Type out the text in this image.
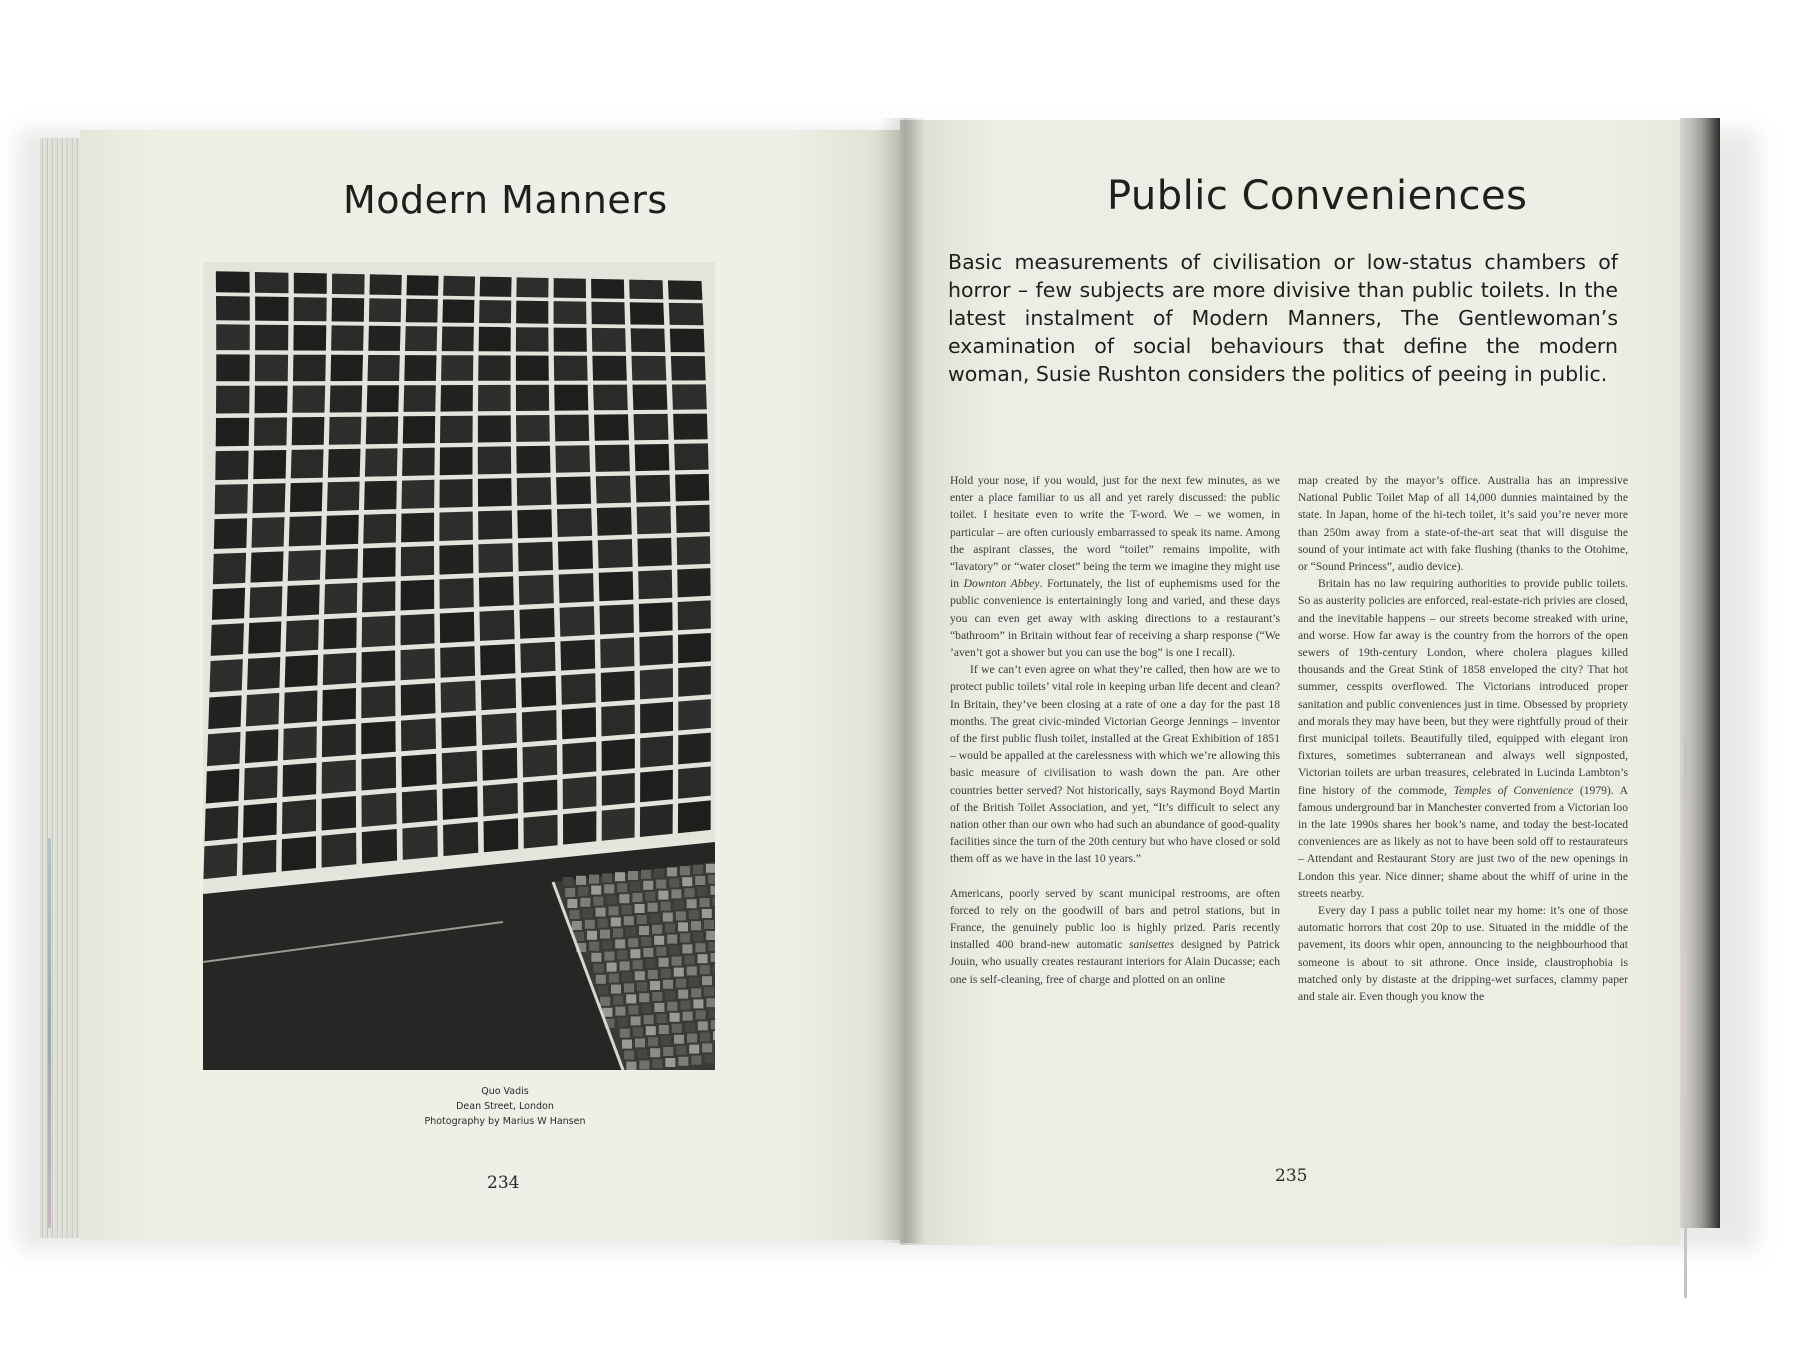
Modern Manners
Quo Vadis
Dean Street, London
Photography by Marius W Hansen
234
Public Conveniences

Basic measurements of civilisation or low-status chambers of horror – few subjects are more divisive than public toilets. In the latest instalment of Modern Manners, The Gentlewoman’s examination of social behaviours that define the modern woman, Susie Rushton considers the politics of peeing in public.

Hold your nose, if you would, just for the next few minutes, as we enter a place familiar to us all and yet rarely discussed: the public toilet. I hesitate even to write the T-word. We – we women, in particular – are often curiously embarrassed to speak its name. Among the aspirant classes, the word “toilet” remains impolite, with “lavatory” or “water closet” being the term we imagine they might use in Downton Abbey. Fortunately, the list of euphemisms used for the public convenience is entertainingly long and varied, and these days you can even get away with asking directions to a restaurant’s “bathroom” in Britain without fear of receiving a sharp response (“We ’aven’t got a shower but you can use the bog” is one I recall).

If we can’t even agree on what they’re called, then how are we to protect public toilets’ vital role in keeping urban life decent and clean? In Britain, they’ve been closing at a rate of one a day for the past 18 months. The great civic-minded Victorian George Jennings – inventor of the first public flush toilet, installed at the Great Exhibition of 1851 – would be appalled at the carelessness with which we’re allowing this basic measure of civilisation to wash down the pan. Are other countries better served? Not historically, says Raymond Boyd Martin of the British Toilet Association, and yet, “It’s difficult to select any nation other than our own who had such an abundance of good-quality facilities since the turn of the 20th century but who have closed or sold them off as we have in the last 10 years.”

Americans, poorly served by scant municipal restrooms, are often forced to rely on the goodwill of bars and petrol stations, but in France, the genuinely public loo is highly prized. Paris recently installed 400 brand-new automatic sanisettes designed by Patrick Jouin, who usually creates restaurant interiors for Alain Ducasse; each one is self-cleaning, free of charge and plotted on an online

map created by the mayor’s office. Australia has an impressive National Public Toilet Map of all 14,000 dunnies maintained by the state. In Japan, home of the hi-tech toilet, it’s said you’re never more than 250m away from a state-of-the-art seat that will disguise the sound of your intimate act with fake flushing (thanks to the Otohime, or “Sound Princess”, audio device).

Britain has no law requiring authorities to provide public toilets. So as austerity policies are enforced, real-estate-rich privies are closed, and the inevitable happens – our streets become streaked with urine, and worse. How far away is the country from the horrors of the open sewers of 19th-century London, where cholera plagues killed thousands and the Great Stink of 1858 enveloped the city? That hot summer, cesspits overflowed. The Victorians introduced proper sanitation and public conveniences just in time. Obsessed by propriety and morals they may have been, but they were rightfully proud of their first municipal toilets. Beautifully tiled, equipped with elegant iron fixtures, sometimes subterranean and always well signposted, Victorian toilets are urban treasures, celebrated in Lucinda Lambton’s fine history of the commode, Temples of Convenience (1979). A famous underground bar in Manchester converted from a Victorian loo in the late 1990s shares her book’s name, and today the best-located conveniences are as likely as not to have been sold off to restaurateurs – Attendant and Restaurant Story are just two of the new openings in London this year. Nice dinner; shame about the whiff of urine in the streets nearby.

Every day I pass a public toilet near my home: it’s one of those automatic horrors that cost 20p to use. Situated in the middle of the pavement, its doors whir open, announcing to the neighbourhood that someone is about to sit athrone. Once inside, claustrophobia is matched only by distaste at the dripping-wet surfaces, clammy paper and stale air. Even though you know the

235
